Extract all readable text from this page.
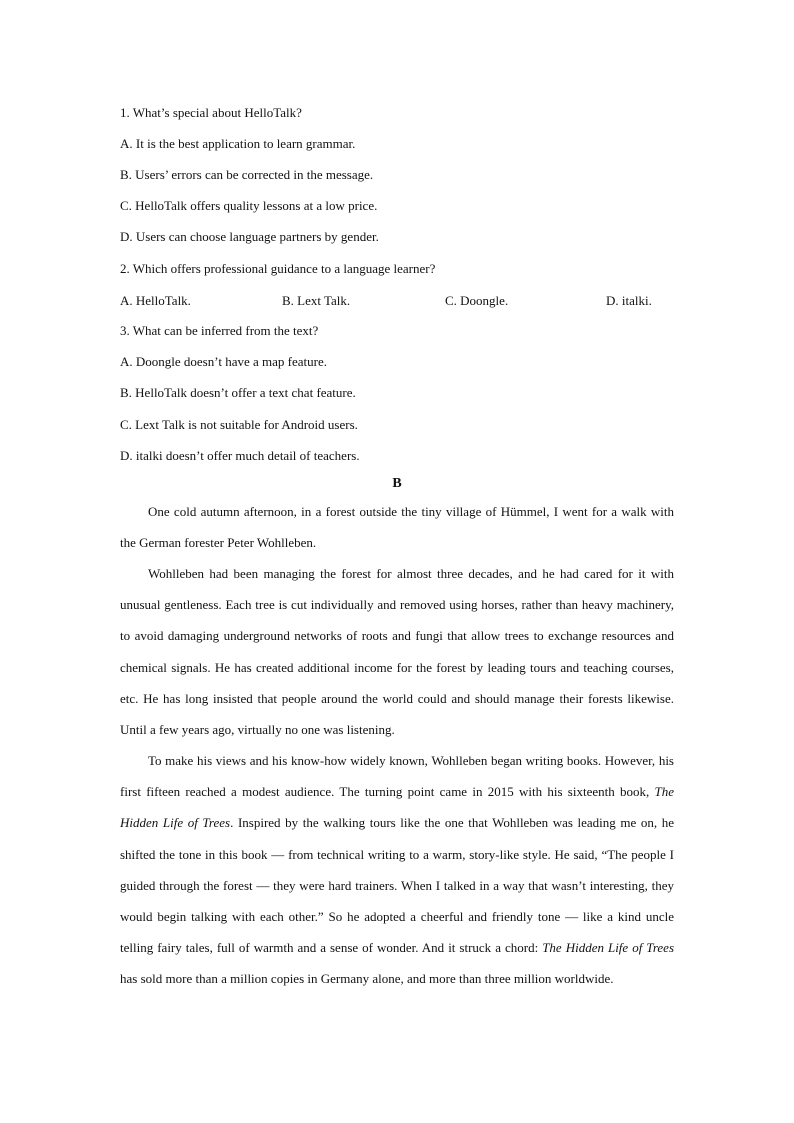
1. What’s special about HelloTalk?
A. It is the best application to learn grammar.
B. Users’ errors can be corrected in the message.
C. HelloTalk offers quality lessons at a low price.
D. Users can choose language partners by gender.
2. Which offers professional guidance to a language learner?
A. HelloTalk.	B. Lext Talk.	C. Doongle.	D. italki.
3. What can be inferred from the text?
A. Doongle doesn’t have a map feature.
B. HelloTalk doesn’t offer a text chat feature.
C. Lext Talk is not suitable for Android users.
D. italki doesn’t offer much detail of teachers.
B

One cold autumn afternoon, in a forest outside the tiny village of Hümmel, I went for a walk with the German forester Peter Wohlleben.

Wohlleben had been managing the forest for almost three decades, and he had cared for it with unusual gentleness. Each tree is cut individually and removed using horses, rather than heavy machinery, to avoid damaging underground networks of roots and fungi that allow trees to exchange resources and chemical signals. He has created additional income for the forest by leading tours and teaching courses, etc. He has long insisted that people around the world could and should manage their forests likewise. Until a few years ago, virtually no one was listening.

To make his views and his know-how widely known, Wohlleben began writing books. However, his first fifteen reached a modest audience. The turning point came in 2015 with his sixteenth book, The Hidden Life of Trees. Inspired by the walking tours like the one that Wohlleben was leading me on, he shifted the tone in this book — from technical writing to a warm, story-like style. He said, “The people I guided through the forest — they were hard trainers. When I talked in a way that wasn’t interesting, they would begin talking with each other.” So he adopted a cheerful and friendly tone — like a kind uncle telling fairy tales, full of warmth and a sense of wonder. And it struck a chord: The Hidden Life of Trees has sold more than a million copies in Germany alone, and more than three million worldwide.
